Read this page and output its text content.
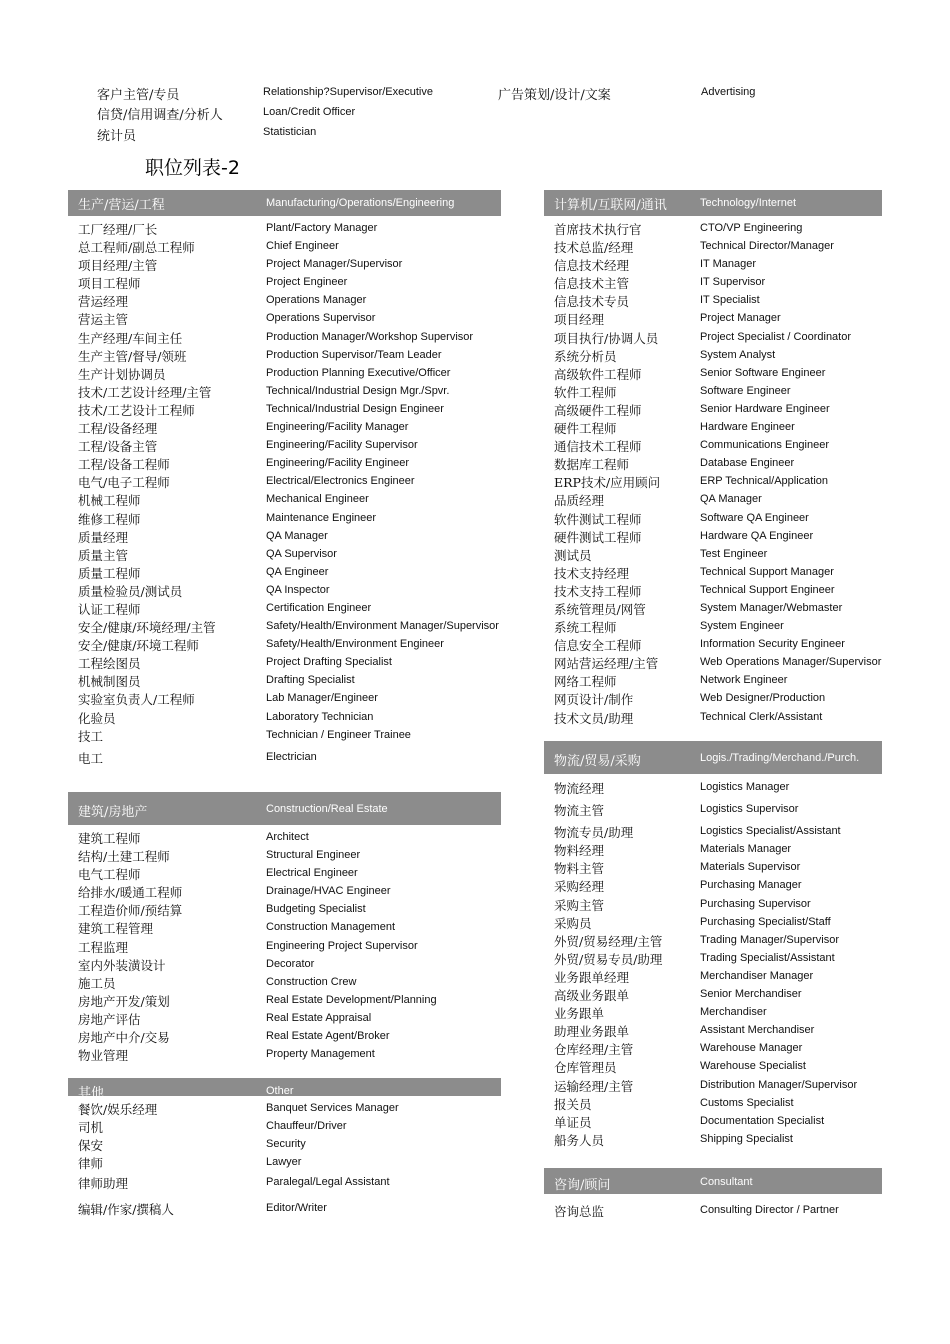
客户主管/专员	Relationship?Supervisor/Executive
信贷/信用调查/分析人	Loan/Credit Officer
统计员	Statistician
广告策划/设计/文案	Advertising
职位列表-2
生产/营运/工程	Manufacturing/Operations/Engineering
工厂经理/厂长	Plant/Factory Manager
总工程师/副总工程师	Chief Engineer
项目经理/主管	Project Manager/Supervisor
项目工程师	Project Engineer
营运经理	Operations Manager
营运主管	Operations Supervisor
生产经理/车间主任	Production Manager/Workshop Supervisor
生产主管/督导/领班	Production Supervisor/Team Leader
生产计划协调员	Production Planning Executive/Officer
技术/工艺设计经理/主管	Technical/Industrial Design Mgr./Spvr.
技术/工艺设计工程师	Technical/Industrial Design Engineer
工程/设备经理	Engineering/Facility Manager
工程/设备主管	Engineering/Facility Supervisor
工程/设备工程师	Engineering/Facility Engineer
电气/电子工程师	Electrical/Electronics Engineer
机械工程师	Mechanical Engineer
维修工程师	Maintenance Engineer
质量经理	QA Manager
质量主管	QA Supervisor
质量工程师	QA Engineer
质量检验员/测试员	QA Inspector
认证工程师	Certification Engineer
安全/健康/环境经理/主管	Safety/Health/Environment Manager/Supervisor
安全/健康/环境工程师	Safety/Health/Environment Engineer
工程绘图员	Project Drafting Specialist
机械制图员	Drafting Specialist
实验室负责人/工程师	Lab Manager/Engineer
化验员	Laboratory Technician
技工	Technician / Engineer Trainee
电工	Electrician
建筑/房地产	Construction/Real Estate
建筑工程师	Architect
结构/土建工程师	Structural Engineer
电气工程师	Electrical Engineer
给排水/暖通工程师	Drainage/HVAC Engineer
工程造价师/预结算	Budgeting Specialist
建筑工程管理	Construction Management
工程监理	Engineering Project Supervisor
室内外装潢设计	Decorator
施工员	Construction Crew
房地产开发/策划	Real Estate Development/Planning
房地产评估	Real Estate Appraisal
房地产中介/交易	Real Estate Agent/Broker
物业管理	Property Management
其他	Other
餐饮/娱乐经理	Banquet Services Manager
司机	Chauffeur/Driver
保安	Security
律师	Lawyer
律师助理	Paralegal/Legal Assistant
编辑/作家/撰稿人	Editor/Writer
计算机/互联网/通讯	Technology/Internet
首席技术执行官	CTO/VP Engineering
技术总监/经理	Technical Director/Manager
信息技术经理	IT Manager
信息技术主管	IT Supervisor
信息技术专员	IT Specialist
项目经理	Project Manager
项目执行/协调人员	Project Specialist / Coordinator
系统分析员	System Analyst
高级软件工程师	Senior Software Engineer
软件工程师	Software Engineer
高级硬件工程师	Senior Hardware Engineer
硬件工程师	Hardware Engineer
通信技术工程师	Communications Engineer
数据库工程师	Database Engineer
ERP技术/应用顾问	ERP Technical/Application
品质经理	QA Manager
软件测试工程师	Software QA Engineer
硬件测试工程师	Hardware QA Engineer
测试员	Test Engineer
技术支持经理	Technical Support Manager
技术支持工程师	Technical Support Engineer
系统管理员/网管	System Manager/Webmaster
系统工程师	System Engineer
信息安全工程师	Information Security Engineer
网站营运经理/主管	Web Operations Manager/Supervisor
网络工程师	Network Engineer
网页设计/制作	Web Designer/Production
技术文员/助理	Technical Clerk/Assistant
物流/贸易/采购	Logis./Trading/Merchand./Purch.
物流经理	Logistics Manager
物流主管	Logistics Supervisor
物流专员/助理	Logistics Specialist/Assistant
物料经理	Materials Manager
物料主管	Materials Supervisor
采购经理	Purchasing Manager
采购主管	Purchasing Supervisor
采购员	Purchasing Specialist/Staff
外贸/贸易经理/主管	Trading Manager/Supervisor
外贸/贸易专员/助理	Trading Specialist/Assistant
业务跟单经理	Merchandiser Manager
高级业务跟单	Senior Merchandiser
业务跟单	Merchandiser
助理业务跟单	Assistant Merchandiser
仓库经理/主管	Warehouse Manager
仓库管理员	Warehouse Specialist
运输经理/主管	Distribution Manager/Supervisor
报关员	Customs Specialist
单证员	Documentation Specialist
船务人员	Shipping Specialist
咨询/顾问	Consultant
咨询总监	Consulting Director / Partner
